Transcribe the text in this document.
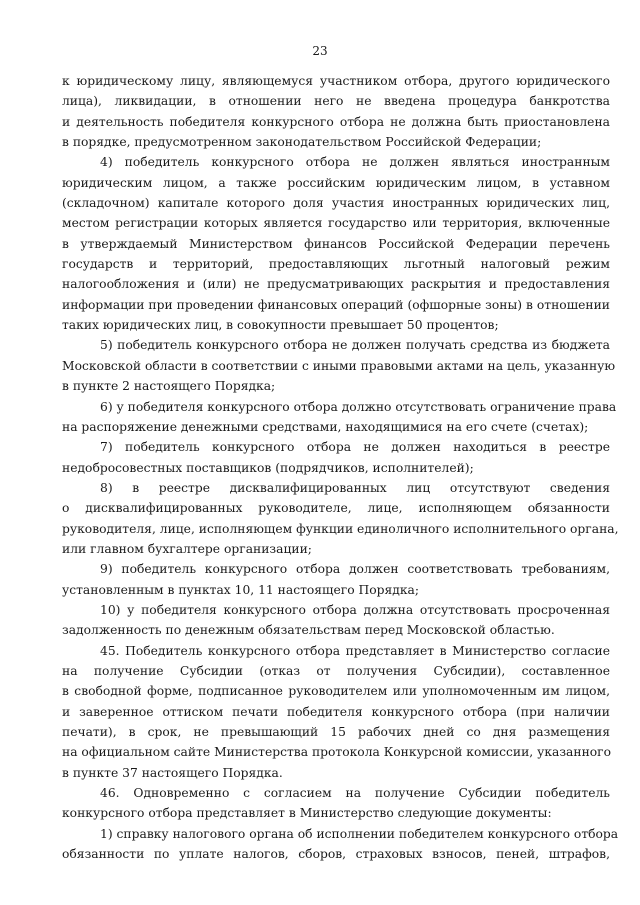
23

к юридическому лицу, являющемуся участником отбора, другого юридического
лица), ликвидации, в отношении него не введена процедура банкротства
и деятельность победителя конкурсного отбора не должна быть приостановлена
в порядке, предусмотренном законодательством Российской Федерации;

4) победитель конкурсного отбора не должен являться иностранным
юридическим лицом, а также российским юридическим лицом, в уставном
(складочном) капитале которого доля участия иностранных юридических лиц,
местом регистрации которых является государство или территория, включенные
в утверждаемый Министерством финансов Российской Федерации перечень
государств и территорий, предоставляющих льготный налоговый режим
налогообложения и (или) не предусматривающих раскрытия и предоставления
информации при проведении финансовых операций (офшорные зоны) в отношении
таких юридических лиц, в совокупности превышает 50 процентов;

5) победитель конкурсного отбора не должен получать средства из бюджета
Московской области в соответствии с иными правовыми актами на цель, указанную
в пункте 2 настоящего Порядка;

6) у победителя конкурсного отбора должно отсутствовать ограничение права
на распоряжение денежными средствами, находящимися на его счете (счетах);

7) победитель конкурсного отбора не должен находиться в реестре
недобросовестных поставщиков (подрядчиков, исполнителей);

8) в реестре дисквалифицированных лиц отсутствуют сведения
о дисквалифицированных руководителе, лице, исполняющем обязанности
руководителя, лице, исполняющем функции единоличного исполнительного органа,
или главном бухгалтере организации;

9) победитель конкурсного отбора должен соответствовать требованиям,
установленным в пунктах 10, 11 настоящего Порядка;

10) у победителя конкурсного отбора должна отсутствовать просроченная
задолженность по денежным обязательствам перед Московской областью.

45. Победитель конкурсного отбора представляет в Министерство согласие
на получение Субсидии (отказ от получения Субсидии), составленное
в свободной форме, подписанное руководителем или уполномоченным им лицом,
и заверенное оттиском печати победителя конкурсного отбора (при наличии
печати), в срок, не превышающий 15 рабочих дней со дня размещения
на официальном сайте Министерства протокола Конкурсной комиссии, указанного
в пункте 37 настоящего Порядка.

46. Одновременно с согласием на получение Субсидии победитель
конкурсного отбора представляет в Министерство следующие документы:

1) справку налогового органа об исполнении победителем конкурсного отбора
обязанности по уплате налогов, сборов, страховых взносов, пеней, штрафов,
